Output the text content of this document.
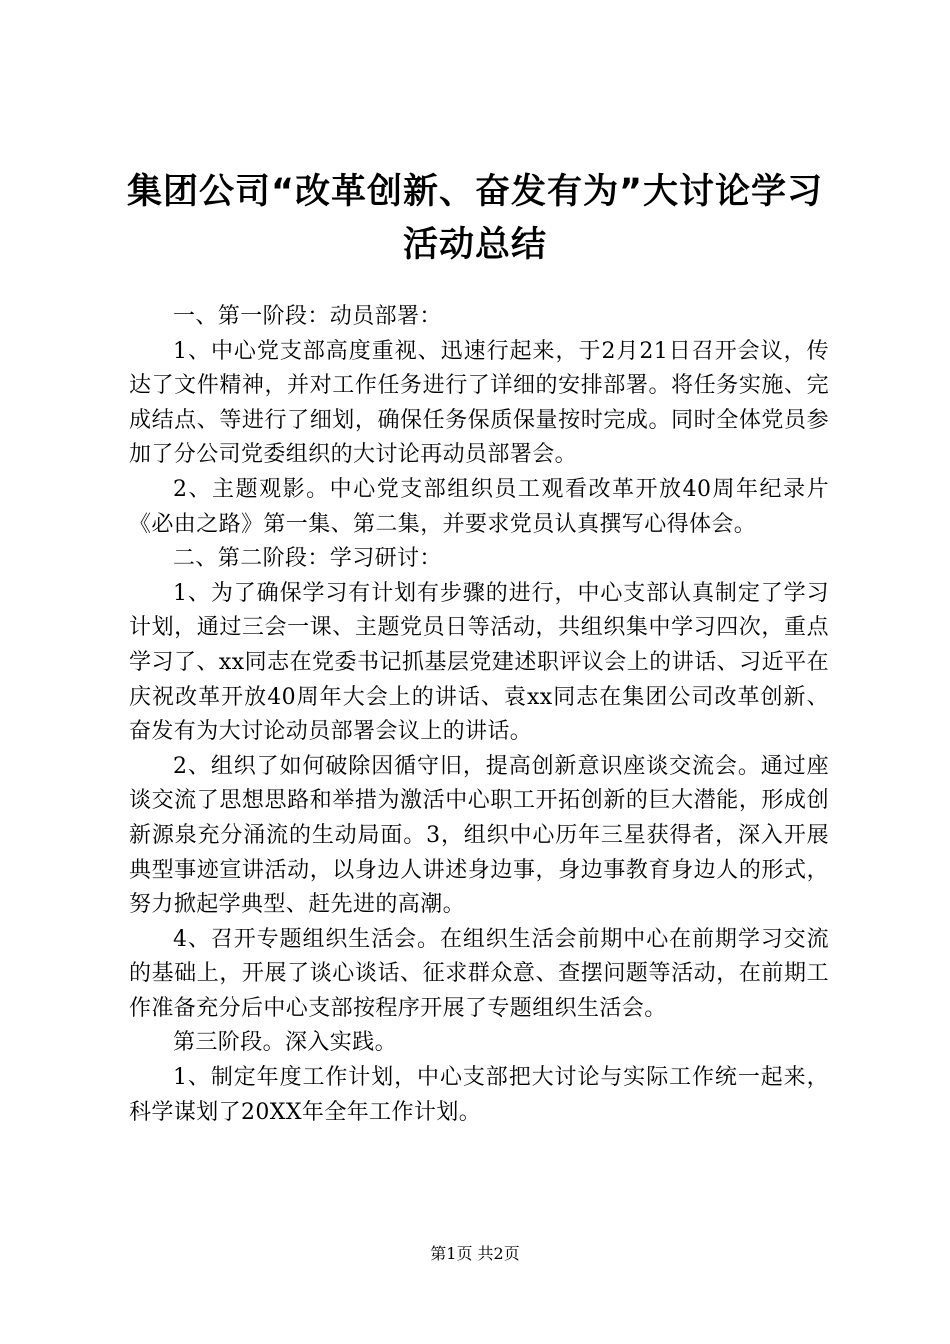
集团公司“改革创新、奋发有为”大讨论学习
活动总结

一、第一阶段：动员部署：

1、中心党支部高度重视、迅速行起来，于2月21日召开会议，传达了文件精神，并对工作任务进行了详细的安排部署。将任务实施、完成结点、等进行了细划，确保任务保质保量按时完成。同时全体党员参加了分公司党委组织的大讨论再动员部署会。

2、主题观影。中心党支部组织员工观看改革开放40周年纪录片《必由之路》第一集、第二集，并要求党员认真撰写心得体会。

二、第二阶段：学习研讨：

1、为了确保学习有计划有步骤的进行，中心支部认真制定了学习计划，通过三会一课、主题党员日等活动，共组织集中学习四次，重点学习了、xx同志在党委书记抓基层党建述职评议会上的讲话、习近平在庆祝改革开放40周年大会上的讲话、袁xx同志在集团公司改革创新、奋发有为大讨论动员部署会议上的讲话。

2、组织了如何破除因循守旧，提高创新意识座谈交流会。通过座谈交流了思想思路和举措为激活中心职工开拓创新的巨大潜能，形成创新源泉充分涌流的生动局面。3，组织中心历年三星获得者，深入开展典型事迹宣讲活动，以身边人讲述身边事，身边事教育身边人的形式，努力掀起学典型、赶先进的高潮。

4、召开专题组织生活会。在组织生活会前期中心在前期学习交流的基础上，开展了谈心谈话、征求群众意、查摆问题等活动，在前期工作准备充分后中心支部按程序开展了专题组织生活会。

第三阶段。深入实践。

1、制定年度工作计划，中心支部把大讨论与实际工作统一起来，科学谋划了20XX年全年工作计划。

第1页 共2页
